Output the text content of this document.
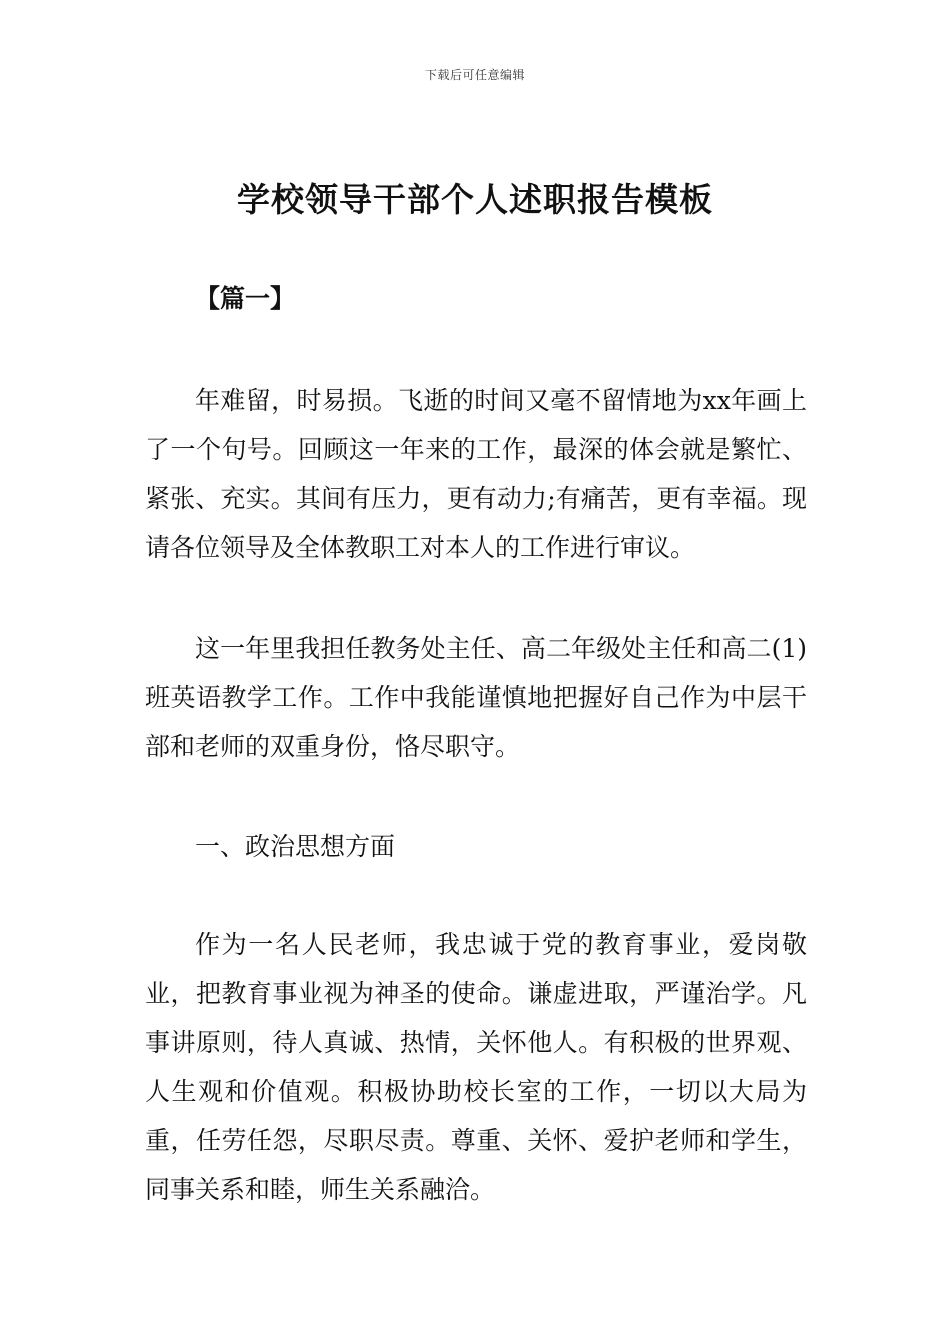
下载后可任意编辑
学校领导干部个人述职报告模板
【篇一】

年难留，时易损。飞逝的时间又毫不留情地为xx年画上了一个句号。回顾这一年来的工作，最深的体会就是繁忙、紧张、充实。其间有压力，更有动力;有痛苦，更有幸福。现请各位领导及全体教职工对本人的工作进行审议。

这一年里我担任教务处主任、高二年级处主任和高二(1)班英语教学工作。工作中我能谨慎地把握好自己作为中层干部和老师的双重身份，恪尽职守。

一、政治思想方面

作为一名人民老师，我忠诚于党的教育事业，爱岗敬业，把教育事业视为神圣的使命。谦虚进取，严谨治学。凡事讲原则，待人真诚、热情，关怀他人。有积极的世界观、人生观和价值观。积极协助校长室的工作，一切以大局为重，任劳任怨，尽职尽责。尊重、关怀、爱护老师和学生，同事关系和睦，师生关系融洽。
